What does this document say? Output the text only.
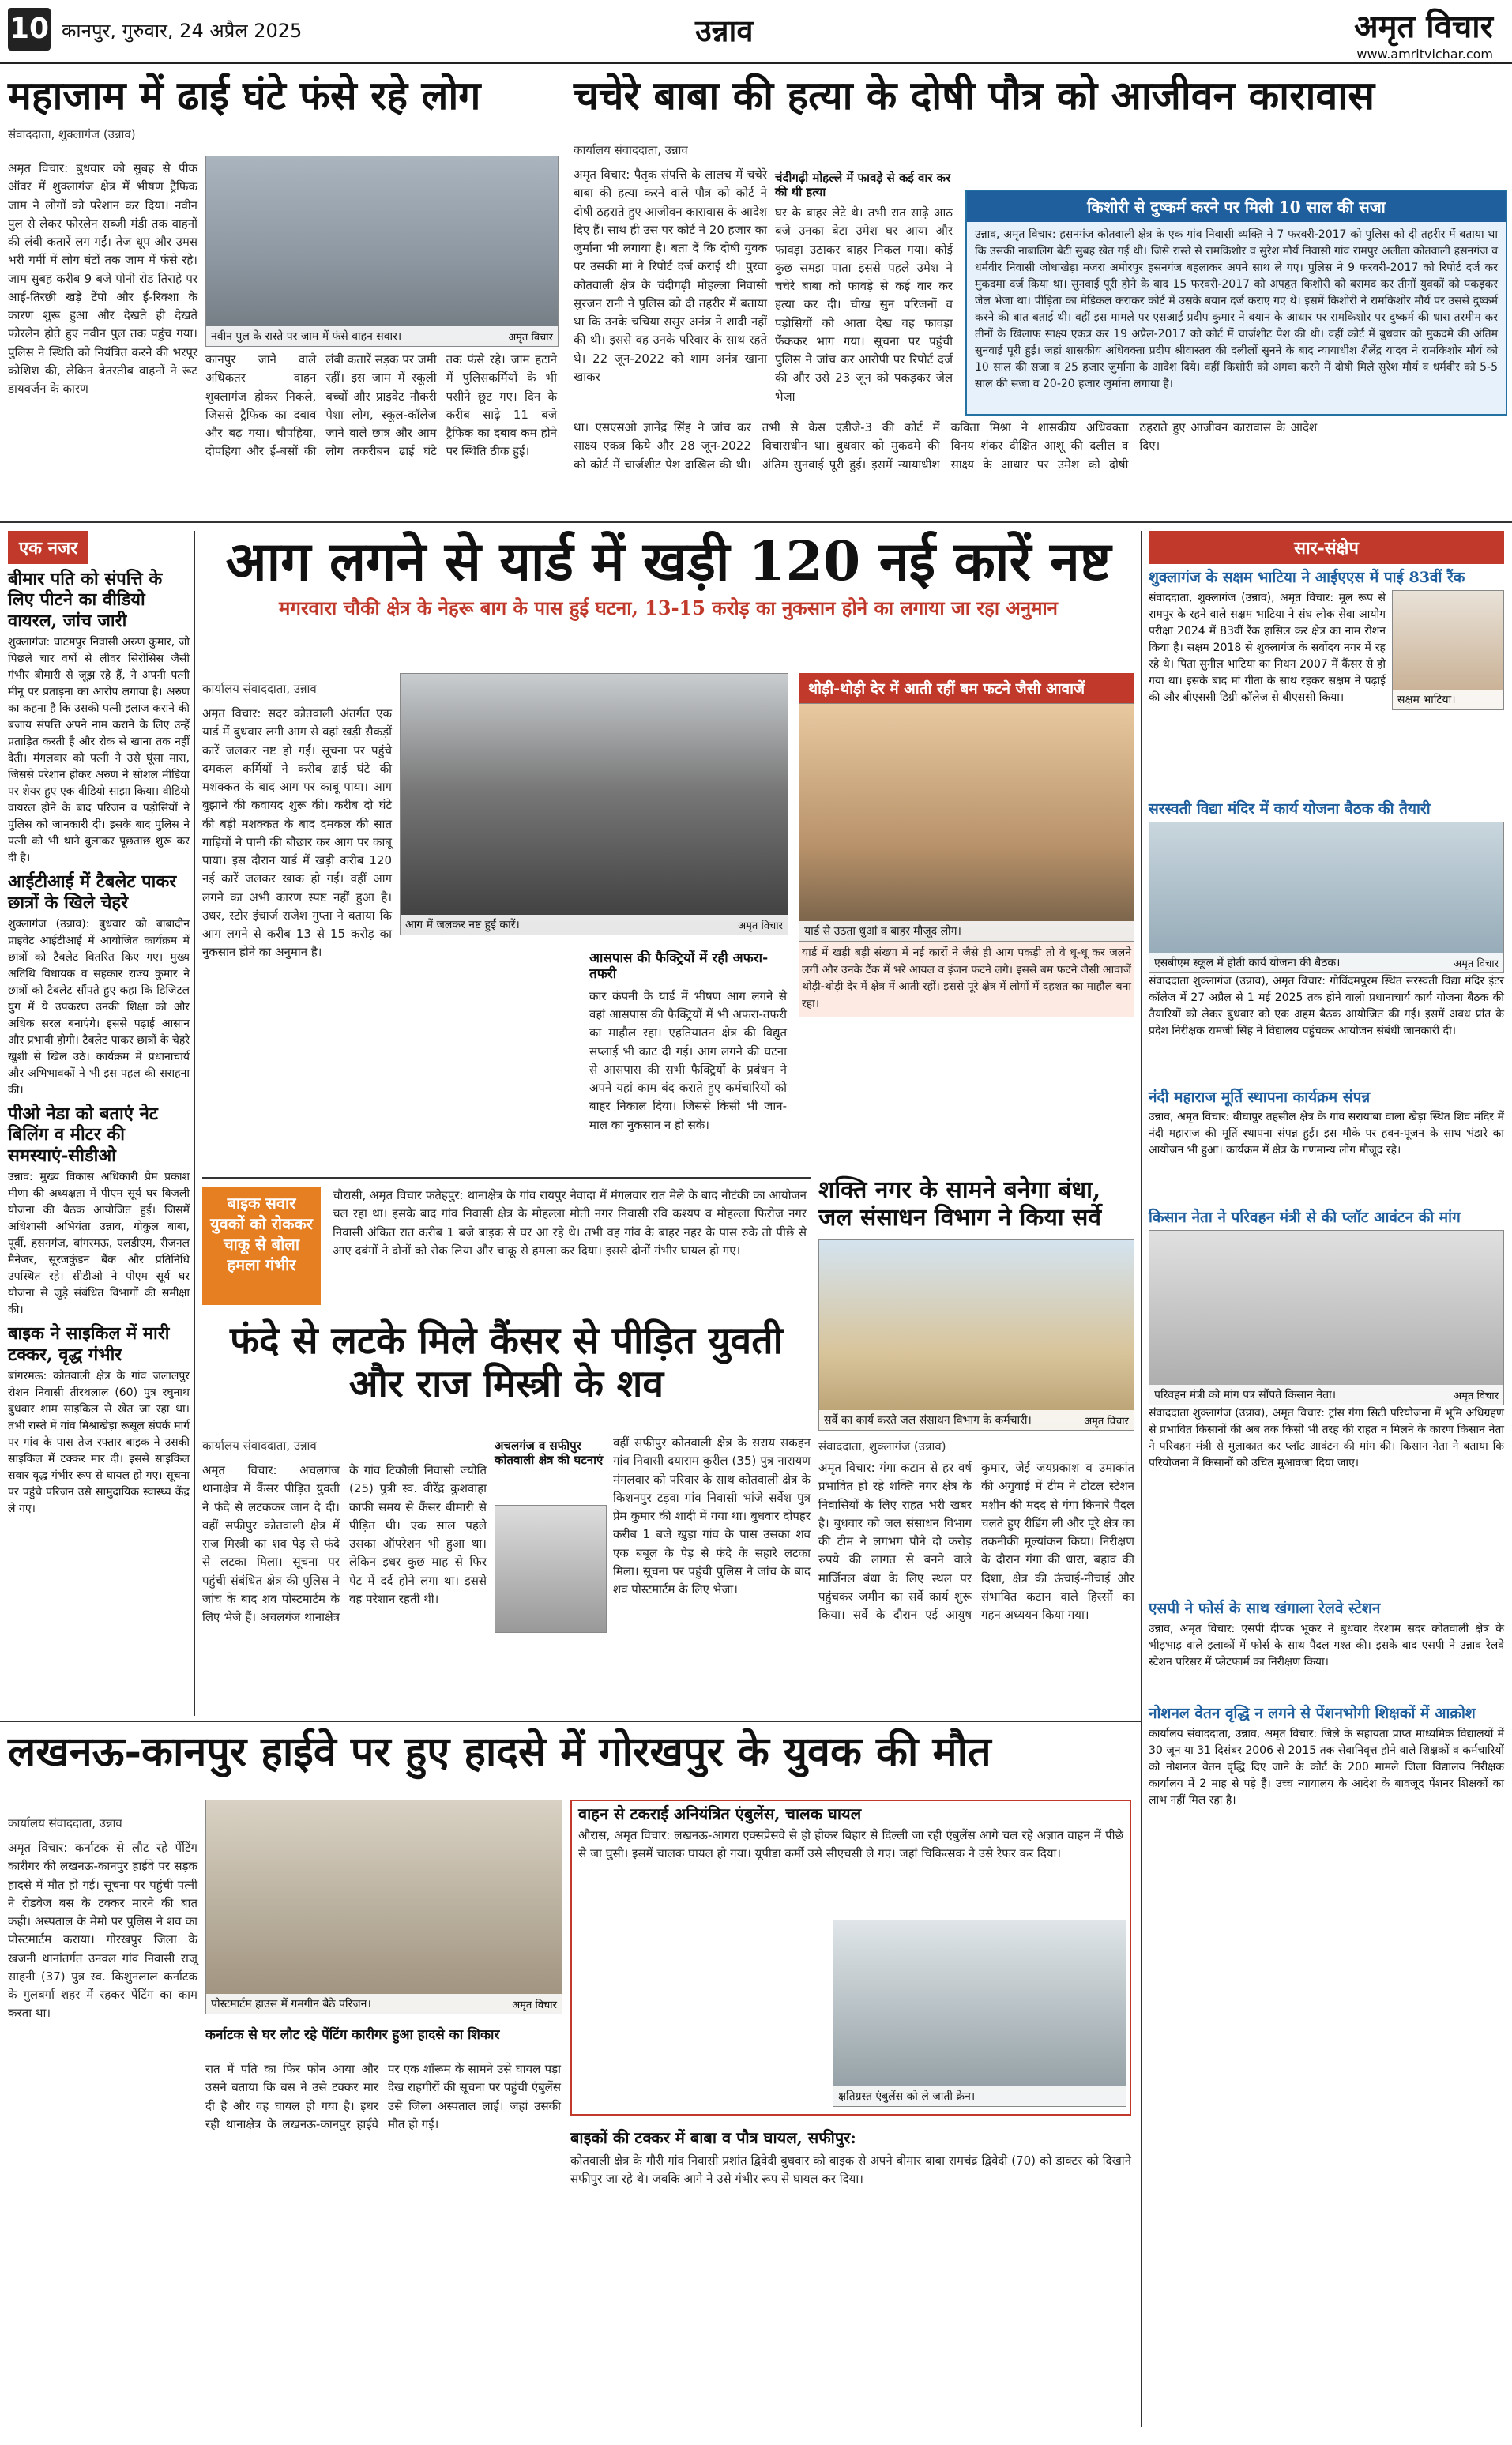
10 कानपुर, गुरुवार, 24 अप्रैल 2025	उन्नाव	अमृत विचार
www.amritvichar.com
महाजाम में ढाई घंटे फंसे रहे लोग
संवाददाता, शुक्लागंज (उन्नाव)
अमृत विचार: बुधवार को सुबह से पीक ऑवर में शुक्लागंज क्षेत्र में भीषण ट्रैफिक जाम ने लोगों को परेशान कर दिया। नवीन पुल से लेकर फोरलेन सब्जी मंडी तक वाहनों की लंबी कतारें लग गईं। तेज धूप और उमस भरी गर्मी में लोग घंटों तक जाम में फंसे रहे। जाम सुबह करीब 9 बजे पोनी रोड तिराहे पर आई-तिरछी खड़े टेंपो और ई-रिक्शा के कारण शुरू हुआ और देखते ही देखते फोरलेन होते हुए नवीन पुल तक पहुंच गया। पुलिस ने स्थिति को नियंत्रित करने की भरपूर कोशिश की, लेकिन बेतरतीब वाहनों ने रूट डायवर्जन के कारण
नवीन पुल के रास्ते पर जाम में फंसे वाहन सवार।	अमृत विचार
कानपुर जाने वाले अधिकतर वाहन शुक्लागंज होकर निकले, जिससे ट्रैफिक का दबाव और बढ़ गया। चौपहिया, दोपहिया और ई-बसों की लंबी कतारें सड़क पर जमी रहीं। इस जाम में स्कूली बच्चों और प्राइवेट नौकरी पेशा लोग, स्कूल-कॉलेज जाने वाले छात्र और आम लोग तकरीबन ढाई घंटे तक फंसे रहे। जाम हटाने में पुलिसकर्मियों के भी पसीने छूट गए। दिन के करीब साढ़े 11 बजे ट्रैफिक का दबाव कम होने पर स्थिति ठीक हुई।
कार्यालय संवाददाता, उन्नाव
अमृत विचार: पैतृक संपत्ति के लालच में चचेरे बाबा की हत्या करने वाले पौत्र को कोर्ट ने दोषी ठहराते हुए आजीवन कारावास के आदेश दिए हैं। साथ ही उस पर कोर्ट ने 20 हजार का जुर्माना भी लगाया है। बता दें कि दोषी युवक पर उसकी मां ने रिपोर्ट दर्ज कराई थी। पुरवा कोतवाली क्षेत्र के चंदीगढ़ी मोहल्ला निवासी सुरजन रानी ने पुलिस को दी तहरीर में बताया था कि उनके चचिया ससुर अनंत्र ने शादी नहीं की थी। इससे वह उनके परिवार के साथ रहते थे। 22 जून-2022 को शाम अनंत्र खाना खाकर
चंदीगढ़ी मोहल्ले में फावड़े से कई वार कर की थी हत्या
घर के बाहर लेटे थे। तभी रात साढ़े आठ बजे उनका बेटा उमेश घर आया और फावड़ा उठाकर बाहर निकल गया। कोई कुछ समझ पाता इससे पहले उमेश ने चचेरे बाबा को फावड़े से कई वार कर हत्या कर दी। चीख सुन परिजनों व पड़ोसियों को आता देख वह फावड़ा फेंककर भाग गया। सूचना पर पहुंची पुलिस ने जांच कर आरोपी पर रिपोर्ट दर्ज की और उसे 23 जून को पकड़कर जेल भेजा
था। एसएसओ ज्ञानेंद्र सिंह ने जांच कर साक्ष्य एकत्र किये और 28 जून-2022 को कोर्ट में चार्जशीट पेश दाखिल की थी। तभी से केस एडीजे-3 की कोर्ट में विचाराधीन था। बुधवार को मुकदमे की अंतिम सुनवाई पूरी हुई। इसमें न्यायाधीश कविता मिश्रा ने शासकीय अधिवक्ता विनय शंकर दीक्षित आशू की दलील व साक्ष्य के आधार पर उमेश को दोषी ठहराते हुए आजीवन कारावास के आदेश दिए।
चचेरे बाबा की हत्या के दोषी पौत्र को आजीवन कारावास
किशोरी से दुष्कर्म करने पर मिली 10 साल की सजा
उन्नाव, अमृत विचार: हसनगंज कोतवाली क्षेत्र के एक गांव निवासी व्यक्ति ने 7 फरवरी-2017 को पुलिस को दी तहरीर में बताया था कि उसकी नाबालिग बेटी सुबह खेत गई थी। जिसे रास्ते से रामकिशोर व सुरेश मौर्य निवासी गांव रामपुर अलीता कोतवाली हसनगंज व धर्मवीर निवासी जोधाखेड़ा मजरा अमीरपुर हसनगंज बहलाकर अपने साथ ले गए। पुलिस ने 9 फरवरी-2017 को रिपोर्ट दर्ज कर मुकदमा दर्ज किया था। सुनवाई पूरी होने के बाद 15 फरवरी-2017 को अपहृत किशोरी को बरामद कर तीनों युवकों को पकड़कर जेल भेजा था। पीड़िता का मेडिकल कराकर कोर्ट में उसके बयान दर्ज कराए गए थे। इसमें किशोरी ने रामकिशोर मौर्य पर उससे दुष्कर्म करने की बात बताई थी। वहीं इस मामले पर एसआई प्रदीप कुमार ने बयान के आधार पर रामकिशोर पर दुष्कर्म की धारा तरमीम कर तीनों के खिलाफ साक्ष्य एकत्र कर 19 अप्रैल-2017 को कोर्ट में चार्जशीट पेश की थी। वहीं कोर्ट में बुधवार को मुकदमे की अंतिम सुनवाई पूरी हुई। जहां शासकीय अधिवक्ता प्रदीप श्रीवास्तव की दलीलों सुनने के बाद न्यायाधीश शैलेंद्र यादव ने रामकिशोर मौर्य को 10 साल की सजा व 25 हजार जुर्माना के आदेश दिये। वहीं किशोरी को अगवा करने में दोषी मिले सुरेश मौर्य व धर्मवीर को 5-5 साल की सजा व 20-20 हजार जुर्माना लगाया है।
एक नजर
बीमार पति को संपत्ति के लिए पीटने का वीडियो वायरल, जांच जारी
शुक्लागंज: घाटमपुर निवासी अरुण कुमार, जो पिछले चार वर्षों से लीवर सिरोसिस जैसी गंभीर बीमारी से जूझ रहे हैं, ने अपनी पत्नी मीनू पर प्रताड़ना का आरोप लगाया है। अरुण का कहना है कि उसकी पत्नी इलाज कराने की बजाय संपत्ति अपने नाम कराने के लिए उन्हें प्रताड़ित करती है और रोक से खाना तक नहीं देती। मंगलवार को पत्नी ने उसे घूंसा मारा, जिससे परेशान होकर अरुण ने सोशल मीडिया पर शेयर हुए एक वीडियो साझा किया। वीडियो वायरल होने के बाद परिजन व पड़ोसियों ने पुलिस को जानकारी दी। इसके बाद पुलिस ने पत्नी को भी थाने बुलाकर पूछताछ शुरू कर दी है।
आईटीआई में टैबलेट पाकर छात्रों के खिले चेहरे
शुक्लागंज (उन्नाव): बुधवार को बाबादीन प्राइवेट आईटीआई में आयोजित कार्यक्रम में छात्रों को टैबलेट वितरित किए गए। मुख्य अतिथि विधायक व सहकार राज्य कुमार ने छात्रों को टैबलेट सौंपते हुए कहा कि डिजिटल युग में ये उपकरण उनकी शिक्षा को और अधिक सरल बनाएंगे। इससे पढ़ाई आसान और प्रभावी होगी। टैबलेट पाकर छात्रों के चेहरे खुशी से खिल उठे। कार्यक्रम में प्रधानाचार्य और अभिभावकों ने भी इस पहल की सराहना की।
पीओ नेडा को बताएं नेट बिलिंग व मीटर की समस्याएं-सीडीओ
उन्नाव: मुख्य विकास अधिकारी प्रेम प्रकाश मीणा की अध्यक्षता में पीएम सूर्य घर बिजली योजना की बैठक आयोजित हुई। जिसमें अधिशासी अभियंता उन्नाव, गोकुल बाबा, पूर्वी, हसनगंज, बांगरमऊ, एलडीएम, रीजनल मैनेजर, सूरजकुंडन बैंक और प्रतिनिधि उपस्थित रहे। सीडीओ ने पीएम सूर्य घर योजना से जुड़े संबंधित विभागों की समीक्षा की।
बाइक ने साइकिल में मारी टक्कर, वृद्ध गंभीर
बांगरमऊ: कोतवाली क्षेत्र के गांव जलालपुर रोशन निवासी तीरथलाल (60) पुत्र रघुनाथ बुधवार शाम साइकिल से खेत जा रहा था। तभी रास्ते में गांव मिश्राखेड़ा रूसूल संपर्क मार्ग पर गांव के पास तेज रफ्तार बाइक ने उसकी साइकिल में टक्कर मार दी। इससे साइकिल सवार वृद्ध गंभीर रूप से घायल हो गए। सूचना पर पहुंचे परिजन उसे सामुदायिक स्वास्थ्य केंद्र ले गए।
आग लगने से यार्ड में खड़ी 120 नई कारें नष्ट
मगरवारा चौकी क्षेत्र के नेहरू बाग के पास हुई घटना, 13-15 करोड़ का नुकसान होने का लगाया जा रहा अनुमान
कार्यालय संवाददाता, उन्नाव
अमृत विचार: सदर कोतवाली अंतर्गत एक यार्ड में बुधवार लगी आग से वहां खड़ी सैकड़ों कारें जलकर नष्ट हो गईं। सूचना पर पहुंचे दमकल कर्मियों ने करीब ढाई घंटे की मशक्कत के बाद आग पर काबू पाया। आग बुझाने की कवायद शुरू की। करीब दो घंटे की बड़ी मशक्कत के बाद दमकल की सात गाड़ियों ने पानी की बौछार कर आग पर काबू पाया। इस दौरान यार्ड में खड़ी करीब 120 नई कारें जलकर खाक हो गईं। वहीं आग लगने का अभी कारण स्पष्ट नहीं हुआ है। उधर, स्टोर इंचार्ज राजेश गुप्ता ने बताया कि आग लगने से करीब 13 से 15 करोड़ का नुकसान होने का अनुमान है।
आग में जलकर नष्ट हुई कारें।	अमृत विचार
थोड़ी-थोड़ी देर में आती रहीं बम फटने जैसी आवाजें
यार्ड से उठता धुआं व बाहर मौजूद लोग।
यार्ड में खड़ी बड़ी संख्या में नई कारों ने जैसे ही आग पकड़ी तो वे धू-धू कर जलने लगीं और उनके टैंक में भरे आयल व इंजन फटने लगे। इससे बम फटने जैसी आवाजें थोड़ी-थोड़ी देर में क्षेत्र में आती रहीं। इससे पूरे क्षेत्र में लोगों में दहशत का माहौल बना रहा।
आसपास की फैक्ट्रियों में रही अफरा-तफरी
कार कंपनी के यार्ड में भीषण आग लगने से वहां आसपास की फैक्ट्रियों में भी अफरा-तफरी का माहौल रहा। एहतियातन क्षेत्र की विद्युत सप्लाई भी काट दी गई। आग लगने की घटना से आसपास की सभी फैक्ट्रियों के प्रबंधन ने अपने यहां काम बंद कराते हुए कर्मचारियों को बाहर निकाल दिया। जिससे किसी भी जान-माल का नुकसान न हो सके।
बाइक सवार युवकों को रोककर चाकू से बोला हमला गंभीर
चौरासी, अमृत विचार फतेहपुर: थानाक्षेत्र के गांव रायपुर नेवादा में मंगलवार रात मेले के बाद नौटंकी का आयोजन चल रहा था। इसके बाद गांव निवासी क्षेत्र के मोहल्ला मोती नगर निवासी रवि कश्यप व मोहल्ला फिरोज नगर निवासी अंकित रात करीब 1 बजे बाइक से घर आ रहे थे। तभी वह गांव के बाहर नहर के पास रुके तो पीछे से आए दबंगों ने दोनों को रोक लिया और चाकू से हमला कर दिया। इससे दोनों गंभीर घायल हो गए।
फंदे से लटके मिले कैंसर से पीड़ित युवती और राज मिस्त्री के शव
कार्यालय संवाददाता, उन्नाव
अमृत विचार: अचलगंज थानाक्षेत्र में कैंसर पीड़ित युवती ने फंदे से लटककर जान दे दी। वहीं सफीपुर कोतवाली क्षेत्र में राज मिस्त्री का शव पेड़ से फंदे से लटका मिला। सूचना पर पहुंची संबंधित क्षेत्र की पुलिस ने जांच के बाद शव पोस्टमार्टम के लिए भेजे हैं। अचलगंज थानाक्षेत्र के गांव टिकौली निवासी ज्योति (25) पुत्री स्व. वीरेंद्र कुशवाहा काफी समय से कैंसर बीमारी से पीड़ित थी। एक साल पहले उसका ऑपरेशन भी हुआ था। लेकिन इधर कुछ माह से फिर पेट में दर्द होने लगा था। इससे वह परेशान रहती थी।
अचलगंज व सफीपुर कोतवाली क्षेत्र की घटनाएं
वहीं सफीपुर कोतवाली क्षेत्र के सराय सकहन गांव निवासी दयाराम कुरील (35) पुत्र नारायण मंगलवार को परिवार के साथ कोतवाली क्षेत्र के किशनपुर टड़वा गांव निवासी भांजे सर्वेश पुत्र प्रेम कुमार की शादी में गया था। बुधवार दोपहर करीब 1 बजे खुड़ा गांव के पास उसका शव एक बबूल के पेड़ से फंदे के सहारे लटका मिला। सूचना पर पहुंची पुलिस ने जांच के बाद शव पोस्टमार्टम के लिए भेजा।
शक्ति नगर के सामने बनेगा बंधा, जल संसाधन विभाग ने किया सर्वे
सर्वे का कार्य करते जल संसाधन विभाग के कर्मचारी।	अमृत विचार
संवाददाता, शुक्लागंज (उन्नाव)
अमृत विचार: गंगा कटान से हर वर्ष प्रभावित हो रहे शक्ति नगर क्षेत्र के निवासियों के लिए राहत भरी खबर है। बुधवार को जल संसाधन विभाग की टीम ने लगभग पौने दो करोड़ रुपये की लागत से बनने वाले मार्जिनल बंधा के लिए स्थल पर पहुंचकर जमीन का सर्वे कार्य शुरू किया। सर्वे के दौरान एई आयुष कुमार, जेई जयप्रकाश व उमाकांत की अगुवाई में टीम ने टोटल स्टेशन मशीन की मदद से गंगा किनारे पैदल चलते हुए रीडिंग ली और पूरे क्षेत्र का तकनीकी मूल्यांकन किया। निरीक्षण के दौरान गंगा की धारा, बहाव की दिशा, क्षेत्र की ऊंचाई-नीचाई और संभावित कटान वाले हिस्सों का गहन अध्ययन किया गया।
सार-संक्षेप
शुक्लागंज के सक्षम भाटिया ने आईएएस में पाई 83वीं रैंक
संवाददाता, शुक्लागंज (उन्नाव), अमृत विचार: मूल रूप से रामपुर के रहने वाले सक्षम भाटिया ने संघ लोक सेवा आयोग परीक्षा 2024 में 83वीं रैंक हासिल कर क्षेत्र का नाम रोशन किया है। सक्षम 2018 से शुक्लागंज के सर्वोदय नगर में रह रहे थे। पिता सुनील भाटिया का निधन 2007 में कैंसर से हो गया था। इसके बाद मां गीता के साथ रहकर सक्षम ने पढ़ाई की और बीएससी डिग्री कॉलेज से बीएससी किया।	सक्षम भाटिया।
सरस्वती विद्या मंदिर में कार्य योजना बैठक की तैयारी
एसबीएम स्कूल में होती कार्य योजना की बैठक।	अमृत विचार
संवाददाता शुक्लागंज (उन्नाव), अमृत विचार: गोविंदमपुरम स्थित सरस्वती विद्या मंदिर इंटर कॉलेज में 27 अप्रैल से 1 मई 2025 तक होने वाली प्रधानाचार्य कार्य योजना बैठक की तैयारियों को लेकर बुधवार को एक अहम बैठक आयोजित की गई। इसमें अवध प्रांत के प्रदेश निरीक्षक रामजी सिंह ने विद्यालय पहुंचकर आयोजन संबंधी जानकारी दी।
नंदी महाराज मूर्ति स्थापना कार्यक्रम संपन्न
उन्नाव, अमृत विचार: बीघापुर तहसील क्षेत्र के गांव सरायांबा वाला खेड़ा स्थित शिव मंदिर में नंदी महाराज की मूर्ति स्थापना संपन्न हुई। इस मौके पर हवन-पूजन के साथ भंडारे का आयोजन भी हुआ। कार्यक्रम में क्षेत्र के गणमान्य लोग मौजूद रहे।
किसान नेता ने परिवहन मंत्री से की प्लॉट आवंटन की मांग
परिवहन मंत्री को मांग पत्र सौंपते किसान नेता।	अमृत विचार
संवाददाता शुक्लागंज (उन्नाव), अमृत विचार: ट्रांस गंगा सिटी परियोजना में भूमि अधिग्रहण से प्रभावित किसानों की अब तक किसी भी तरह की राहत न मिलने के कारण किसान नेता ने परिवहन मंत्री से मुलाकात कर प्लॉट आवंटन की मांग की। किसान नेता ने बताया कि परियोजना में किसानों को उचित मुआवजा दिया जाए।
एसपी ने फोर्स के साथ खंगाला रेलवे स्टेशन
उन्नाव, अमृत विचार: एसपी दीपक भूकर ने बुधवार देरशाम सदर कोतवाली क्षेत्र के भीड़भाड़ वाले इलाकों में फोर्स के साथ पैदल गश्त की। इसके बाद एसपी ने उन्नाव रेलवे स्टेशन परिसर में प्लेटफार्म का निरीक्षण किया।
नोशनल वेतन वृद्धि न लगने से पेंशनभोगी शिक्षकों में आक्रोश
कार्यालय संवाददाता, उन्नाव, अमृत विचार: जिले के सहायता प्राप्त माध्यमिक विद्यालयों में 30 जून या 31 दिसंबर 2006 से 2015 तक सेवानिवृत्त होने वाले शिक्षकों व कर्मचारियों को नोशनल वेतन वृद्धि दिए जाने के कोर्ट के 200 मामले जिला विद्यालय निरीक्षक कार्यालय में 2 माह से पड़े हैं। उच्च न्यायालय के आदेश के बावजूद पेंशनर शिक्षकों का लाभ नहीं मिल रहा है।
लखनऊ-कानपुर हाईवे पर हुए हादसे में गोरखपुर के युवक की मौत
कार्यालय संवाददाता, उन्नाव
अमृत विचार: कर्नाटक से लौट रहे पेंटिंग कारीगर की लखनऊ-कानपुर हाईवे पर सड़क हादसे में मौत हो गई। सूचना पर पहुंची पत्नी ने रोडवेज बस के टक्कर मारने की बात कही। अस्पताल के मेमो पर पुलिस ने शव का पोस्टमार्टम कराया। गोरखपुर जिला के खजनी थानांतर्गत उनवल गांव निवासी राजू साहनी (37) पुत्र स्व. किशुनलाल कर्नाटक के गुलबर्गा शहर में रहकर पेंटिंग का काम करता था।
पोस्टमार्टम हाउस में गमगीन बैठे परिजन।	अमृत विचार
कर्नाटक से घर लौट रहे पेंटिंग कारीगर हुआ हादसे का शिकार
रात में पति का फिर फोन आया और उसने बताया कि बस ने उसे टक्कर मार दी है और वह घायल हो गया है। इधर रही थानाक्षेत्र के लखनऊ-कानपुर हाईवे पर एक शॉरूम के सामने उसे घायल पड़ा देख राहगीरों की सूचना पर पहुंची एंबुलेंस उसे जिला अस्पताल लाई। जहां उसकी मौत हो गई।
वाहन से टकराई अनियंत्रित एंबुलेंस, चालक घायल
औरास, अमृत विचार: लखनऊ-आगरा एक्सप्रेसवे से हो होकर बिहार से दिल्ली जा रही एंबुलेंस आगे चल रहे अज्ञात वाहन में पीछे से जा घुसी। इसमें चालक घायल हो गया। यूपीडा कर्मी उसे सीएचसी ले गए। जहां चिकित्सक ने उसे रेफर कर दिया।
क्षतिग्रस्त एंबुलेंस को ले जाती क्रेन।
बाइकों की टक्कर में बाबा व पौत्र घायल, सफीपुर:
कोतवाली क्षेत्र के गौरी गांव निवासी प्रशांत द्विवेदी बुधवार को बाइक से अपने बीमार बाबा रामचंद्र द्विवेदी (70) को डाक्टर को दिखाने सफीपुर जा रहे थे। जबकि आगे ने उसे गंभीर रूप से घायल कर दिया।
